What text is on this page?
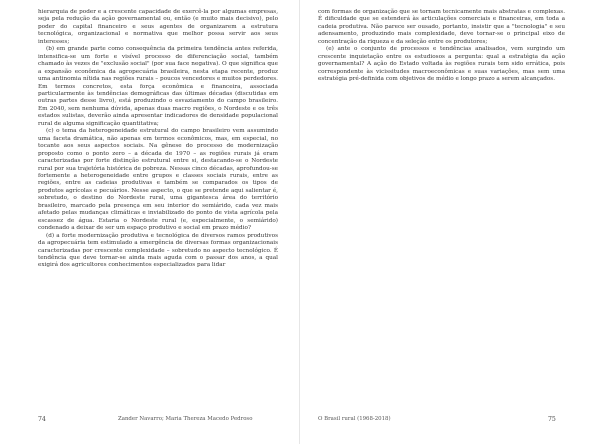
hierarquia de poder e a crescente capacidade de exercê-la por algumas empresas, seja pela redução da ação governamental ou, então (e muito mais decisivo), pelo poder do capital financeiro e seus agentes de organizarem a estrutura tecnológica, organizacional e normativa que melhor possa servir aos seus interesses;

(b) em grande parte como consequência da primeira tendência antes referida, intensifica-se um forte e visível processo de diferenciação social, também chamado às vezes de "exclusão social" (por sua face negativa). O que significa que a expansão econômica da agropecuária brasileira, nesta etapa recente, produz uma antinomia nítida nas regiões rurais – poucos vencedores e muitos perdedores. Em termos concretos, esta força econômica e financeira, associada particularmente às tendências demográficas das últimas décadas (discutidas em outras partes desse livro), está produzindo o esvaziamento do campo brasileiro. Em 2040, sem nenhuma dúvida, apenas duas macro regiões, o Nordeste e os três estados sulistas, deverão ainda apresentar indicadores de densidade populacional rural de alguma significação quantitativa;

(c) o tema da heterogeneidade estrutural do campo brasileiro vem assumindo uma faceta dramática, não apenas em termos econômicos, mas, em especial, no tocante aos seus aspectos sociais. Na gênese do processo de modernização proposto como o ponto zero – a década de 1970 – as regiões rurais já eram caracterizadas por forte distinção estrutural entre si, destacando-se o Nordeste rural por sua trajetória histórica de pobreza. Nessas cinco décadas, aprofundou-se fortemente a heterogeneidade entre grupos e classes sociais rurais, entre as regiões, entre as cadeias produtivas e também se comparados os tipos de produtos agrícolas e pecuários. Nesse aspecto, o que se pretende aqui salientar é, sobretudo, o destino do Nordeste rural, uma gigantesca área do território brasileiro, marcado pela presença em seu interior do semiárido, cada vez mais afetado pelas mudanças climáticas e inviabilizado do ponto de vista agrícola pela escassez de água. Estaria o Nordeste rural (e, especialmente, o semiárido) condenado a deixar de ser um espaço produtivo e social em prazo médio?

(d) a forte modernização produtiva e tecnológica de diversos ramos produtivos da agropecuária tem estimulado a emergência de diversas formas organizacionais caracterizadas por crescente complexidade – sobretudo no aspecto tecnológico. É tendência que deve tornar-se ainda mais aguda com o passar dos anos, a qual exigirá dos agricultores conhecimentos especializados para lidar

74	Zander Navarro; Maria Thereza Macedo Pedroso

com formas de organização que se tornam tecnicamente mais abstratas e complexas. É dificuldade que se estenderá às articulações comerciais e financeiras, em toda a cadeia produtiva. Não parece ser ousado, portanto, insistir que a "tecnologia" e seu adensamento, produzindo mais complexidade, deve tornar-se o principal eixo de concentração da riqueza e da seleção entre os produtores;

(e) ante o conjunto de processos e tendências analisados, vem surgindo um crescente inquietação entre os estudiosos a pergunta: qual a estratégia da ação governamental? A ação do Estado voltada às regiões rurais tem sido errática, pois correspondente às vicissitudes macroeconômicas e suas variações, mas sem uma estratégia pré-definida com objetivos de médio e longo prazo a serem alcançados.

O Brasil rural (1968-2018)	75
